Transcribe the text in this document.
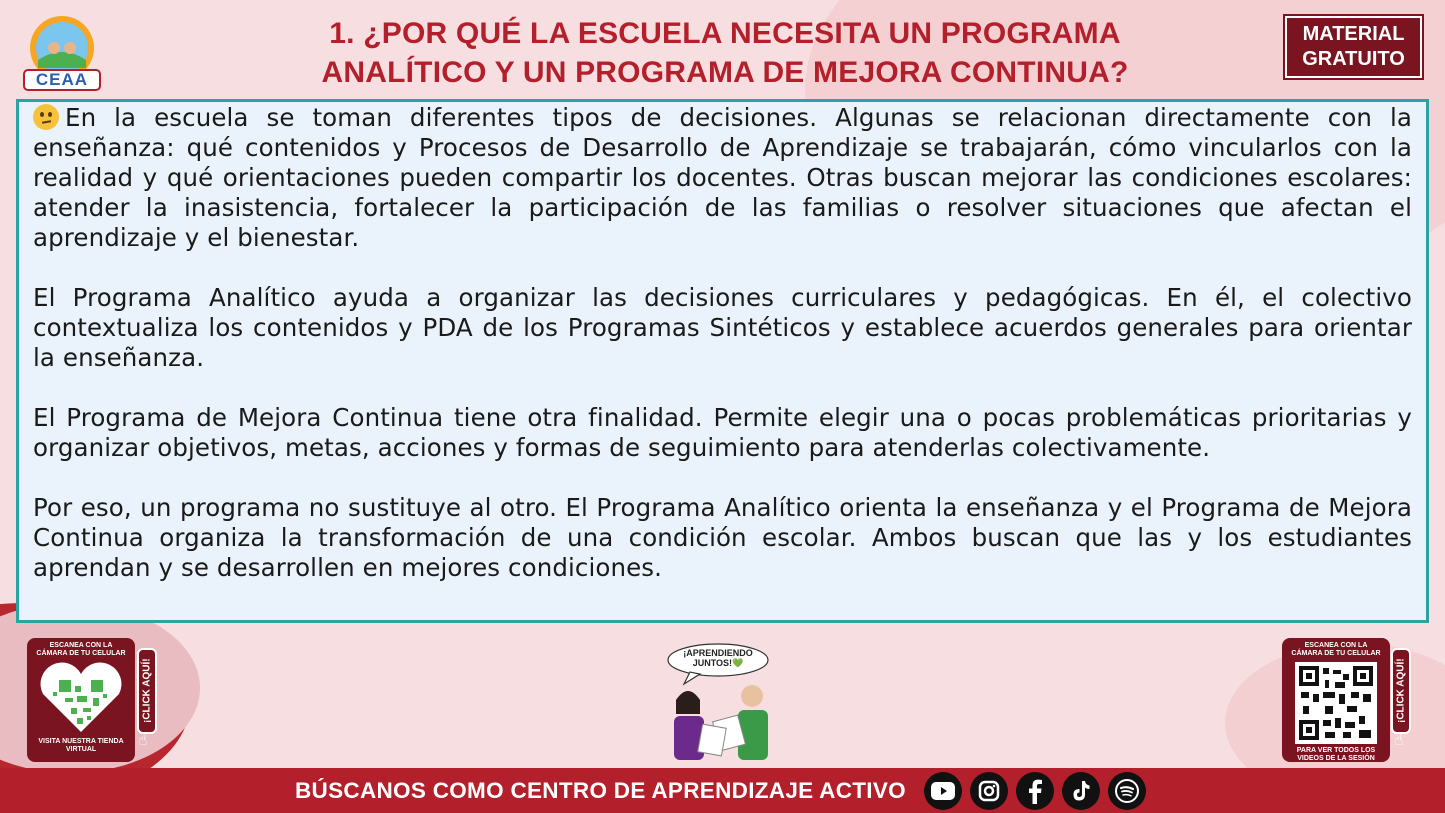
CEAA
1. ¿POR QUÉ LA ESCUELA NECESITA UN PROGRAMA
ANALÍTICO Y UN PROGRAMA DE MEJORA CONTINUA?
MATERIAL
GRATUITO

En la escuela se toman diferentes tipos de decisiones. Algunas se relacionan directamente con la enseñanza: qué contenidos y Procesos de Desarrollo de Aprendizaje se trabajarán, cómo vincularlos con la realidad y qué orientaciones pueden compartir los docentes. Otras buscan mejorar las condiciones escolares: atender la inasistencia, fortalecer la participación de las familias o resolver situaciones que afectan el aprendizaje y el bienestar.

El Programa Analítico ayuda a organizar las decisiones curriculares y pedagógicas. En él, el colectivo contextualiza los contenidos y PDA de los Programas Sintéticos y establece acuerdos generales para orientar la enseñanza.

El Programa de Mejora Continua tiene otra finalidad. Permite elegir una o pocas problemáticas prioritarias y organizar objetivos, metas, acciones y formas de seguimiento para atenderlas colectivamente.

Por eso, un programa no sustituye al otro. El Programa Analítico orienta la enseñanza y el Programa de Mejora Continua organiza la transformación de una condición escolar. Ambos buscan que las y los estudiantes aprendan y se desarrollen en mejores condiciones.

ESCANEA CON LA CÁMARA DE TU CELULAR
VISITA NUESTRA TIENDA VIRTUAL
¡CLICK AQUÍ!
☝
¡APRENDIENDO JUNTOS!💚
ESCANEA CON LA CÁMARA DE TU CELULAR
PARA VER TODOS LOS VIDEOS DE LA SESIÓN
¡CLICK AQUÍ!
☝
BÚSCANOS COMO CENTRO DE APRENDIZAJE ACTIVO
